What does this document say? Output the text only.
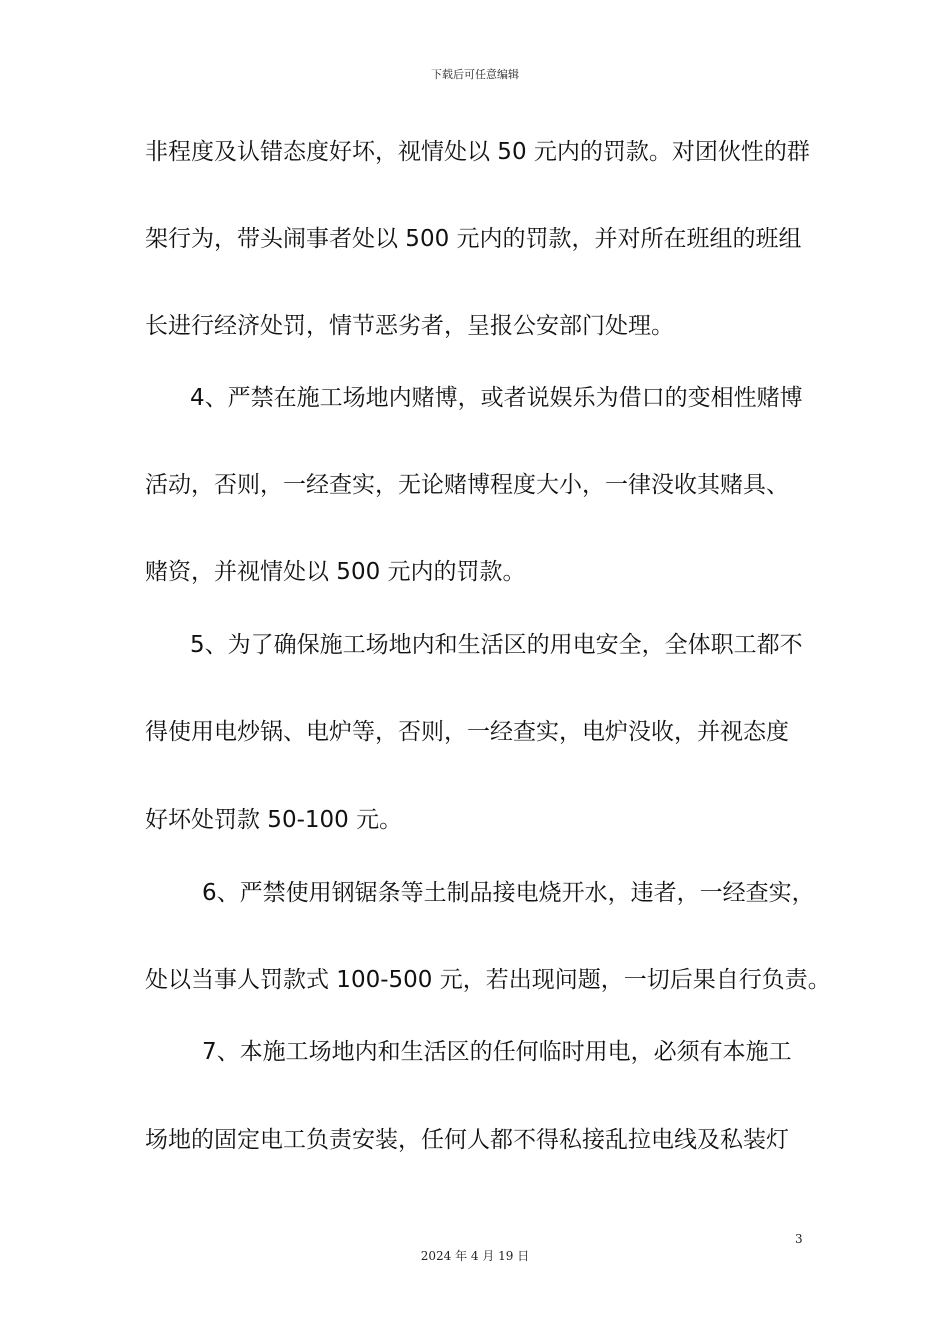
下载后可任意编辑
非程度及认错态度好坏，视情处以 50 元内的罚款。对团伙性的群
架行为，带头闹事者处以 500 元内的罚款，并对所在班组的班组
长进行经济处罚，情节恶劣者，呈报公安部门处理。
4、严禁在施工场地内赌博，或者说娱乐为借口的变相性赌博
活动，否则，一经查实，无论赌博程度大小，一律没收其赌具、
赌资，并视情处以 500 元内的罚款。
5、为了确保施工场地内和生活区的用电安全，全体职工都不
得使用电炒锅、电炉等，否则，一经查实，电炉没收，并视态度
好坏处罚款 50-100 元。
6、严禁使用钢锯条等土制品接电烧开水，违者，一经查实，
处以当事人罚款式 100-500 元，若出现问题，一切后果自行负责。
7、本施工场地内和生活区的任何临时用电，必须有本施工
场地的固定电工负责安装，任何人都不得私接乱拉电线及私装灯
3
2024 年 4 月 19 日
